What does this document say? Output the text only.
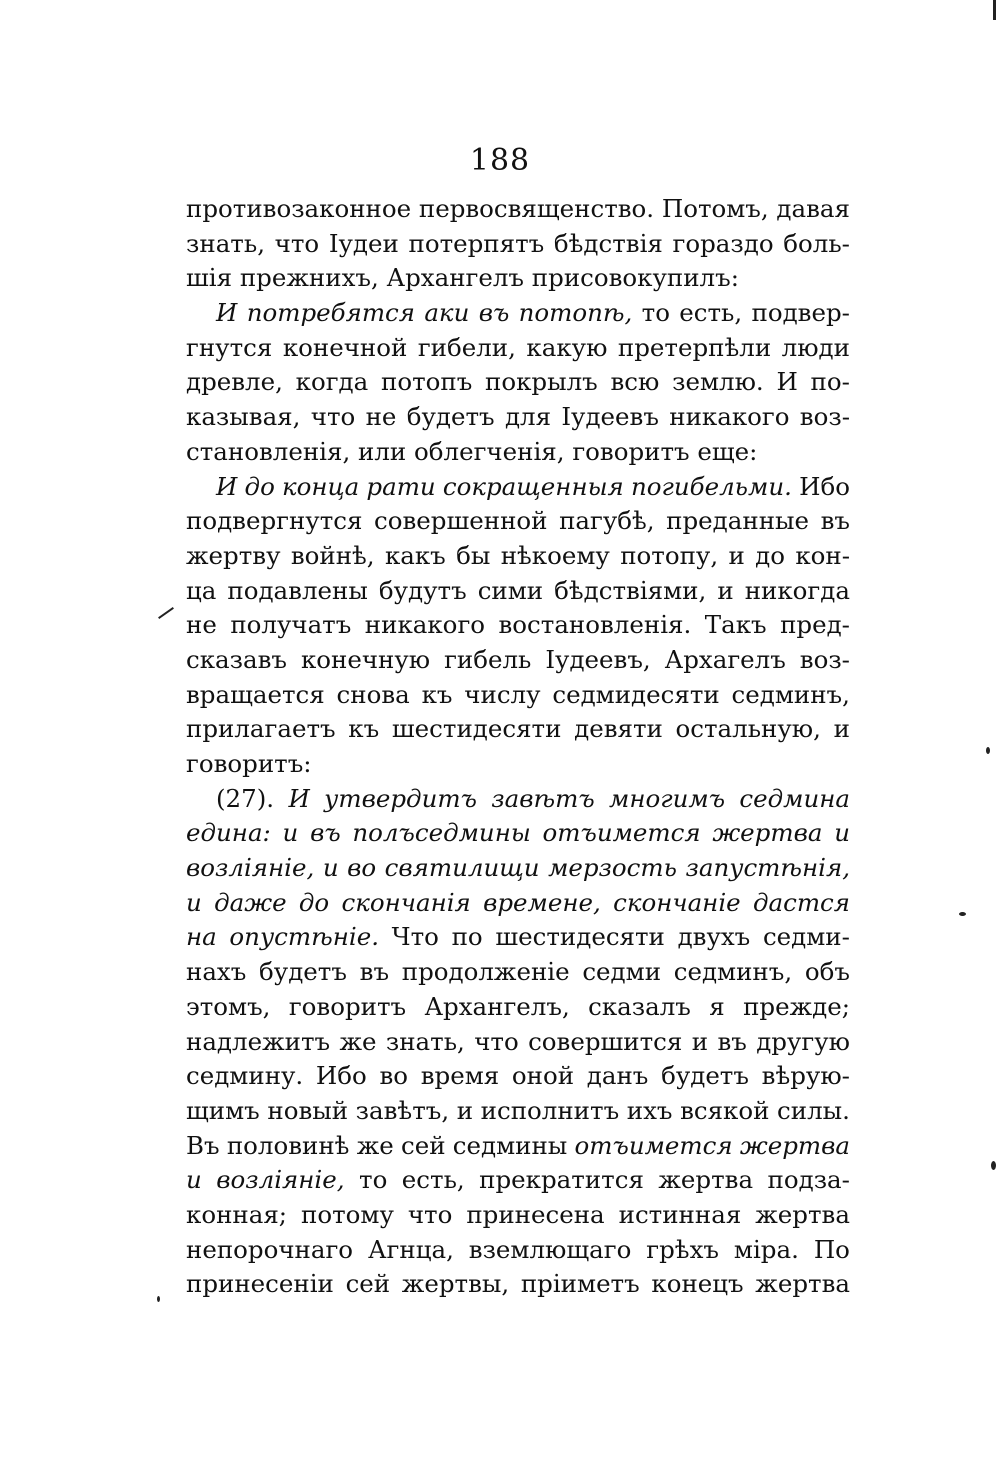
188
противозаконное первосвященство. Потомъ, давая
знать, что Іудеи потерпятъ бѣдствія гораздо боль-
шія прежнихъ, Архангелъ присовокупилъ:
И потребятся аки въ потопѣ, то есть, подвер-
гнутся конечной гибели, какую претерпѣли люди
древле, когда потопъ покрылъ всю землю. И по-
казывая, что не будетъ для Іудеевъ никакого воз-
становленія, или облегченія, говоритъ еще:
И до конца рати сокращенныя погибельми. Ибо
подвергнутся совершенной пагубѣ, преданные въ
жертву войнѣ, какъ бы нѣкоему потопу, и до кон-
ца подавлены будутъ сими бѣдствіями, и никогда
не получатъ никакого востановленія. Такъ пред-
сказавъ конечную гибель Іудеевъ, Архагелъ воз-
вращается снова къ числу седмидесяти седминъ,
прилагаетъ къ шестидесяти девяти остальную, и
говоритъ:
(27). И утвердитъ завѣтъ многимъ седмина
едина: и въ полъседмины отъимется жертва и
возліяніе, и во святилищи мерзость запустѣнія,
и даже до скончанія времене, скончаніе дастся
на опустѣніе. Что по шестидесяти двухъ седми-
нахъ будетъ въ продолженіе седми седминъ, объ
этомъ, говоритъ Архангелъ, сказалъ я прежде;
надлежитъ же знать, что совершится и въ другую
седмину. Ибо во время оной данъ будетъ вѣрую-
щимъ новый завѣтъ, и исполнитъ ихъ всякой силы.
Въ половинѣ же сей седмины отъимется жертва
и возліяніе, то есть, прекратится жертва подза-
конная; потому что принесена истинная жертва
непорочнаго Агнца, вземлющаго грѣхъ міра. По
принесеніи сей жертвы, пріиметъ конецъ жертва
